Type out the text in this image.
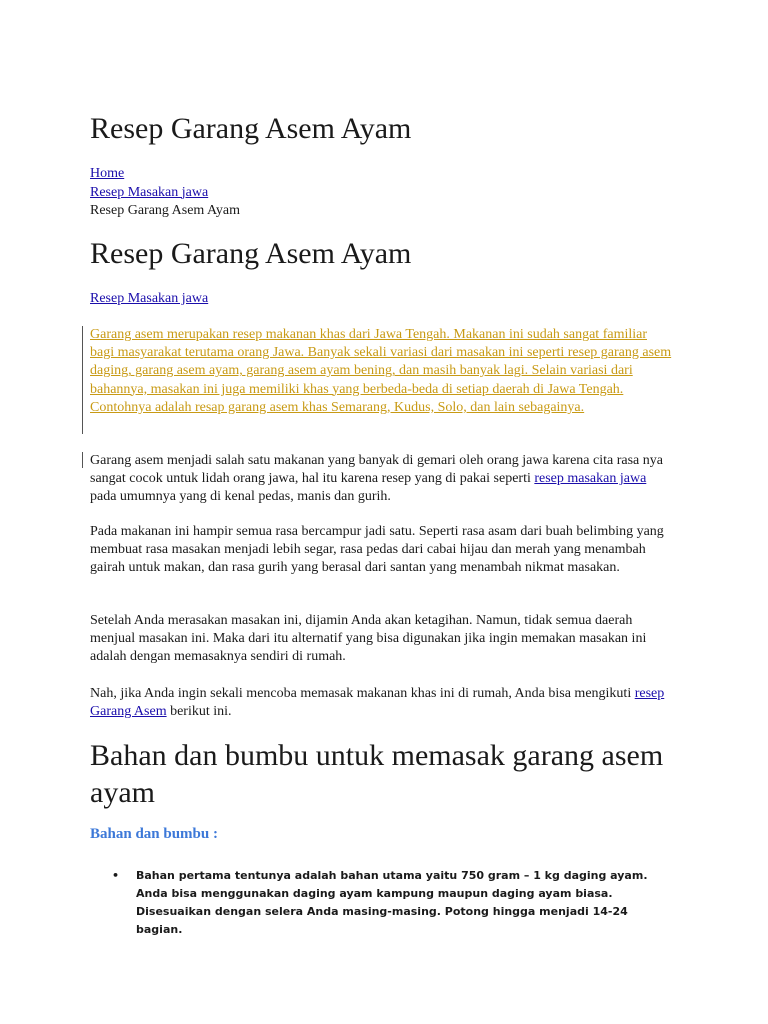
Resep Garang Asem Ayam
Home
Resep Masakan jawa
Resep Garang Asem Ayam
Resep Garang Asem Ayam
Resep Masakan jawa
Garang asem merupakan resep makanan khas dari Jawa Tengah. Makanan ini sudah sangat familiar bagi masyarakat terutama orang Jawa. Banyak sekali variasi dari masakan ini seperti resep garang asem daging, garang asem ayam, garang asem ayam bening, dan masih banyak lagi. Selain variasi dari bahannya, masakan ini juga memiliki khas yang berbeda-beda di setiap daerah di Jawa Tengah. Contohnya adalah resap garang asem khas Semarang, Kudus, Solo, dan lain sebagainya.

Garang asem menjadi salah satu makanan yang banyak di gemari oleh orang jawa karena cita rasa nya sangat cocok untuk lidah orang jawa, hal itu karena resep yang di pakai seperti resep masakan jawa pada umumnya yang di kenal pedas, manis dan gurih.

Pada makanan ini hampir semua rasa bercampur jadi satu. Seperti rasa asam dari buah belimbing yang membuat rasa masakan menjadi lebih segar, rasa pedas dari cabai hijau dan merah yang menambah gairah untuk makan, dan rasa gurih yang berasal dari santan yang menambah nikmat masakan.

Setelah Anda merasakan masakan ini, dijamin Anda akan ketagihan. Namun, tidak semua daerah menjual masakan ini. Maka dari itu alternatif yang bisa digunakan jika ingin memakan masakan ini adalah dengan memasaknya sendiri di rumah.

Nah, jika Anda ingin sekali mencoba memasak makanan khas ini di rumah, Anda bisa mengikuti resep Garang Asem berikut ini.

Bahan dan bumbu untuk memasak garang asem ayam
Bahan dan bumbu :
• Bahan pertama tentunya adalah bahan utama yaitu 750 gram – 1 kg daging ayam. Anda bisa menggunakan daging ayam kampung maupun daging ayam biasa. Disesuaikan dengan selera Anda masing-masing. Potong hingga menjadi 14-24 bagian.
